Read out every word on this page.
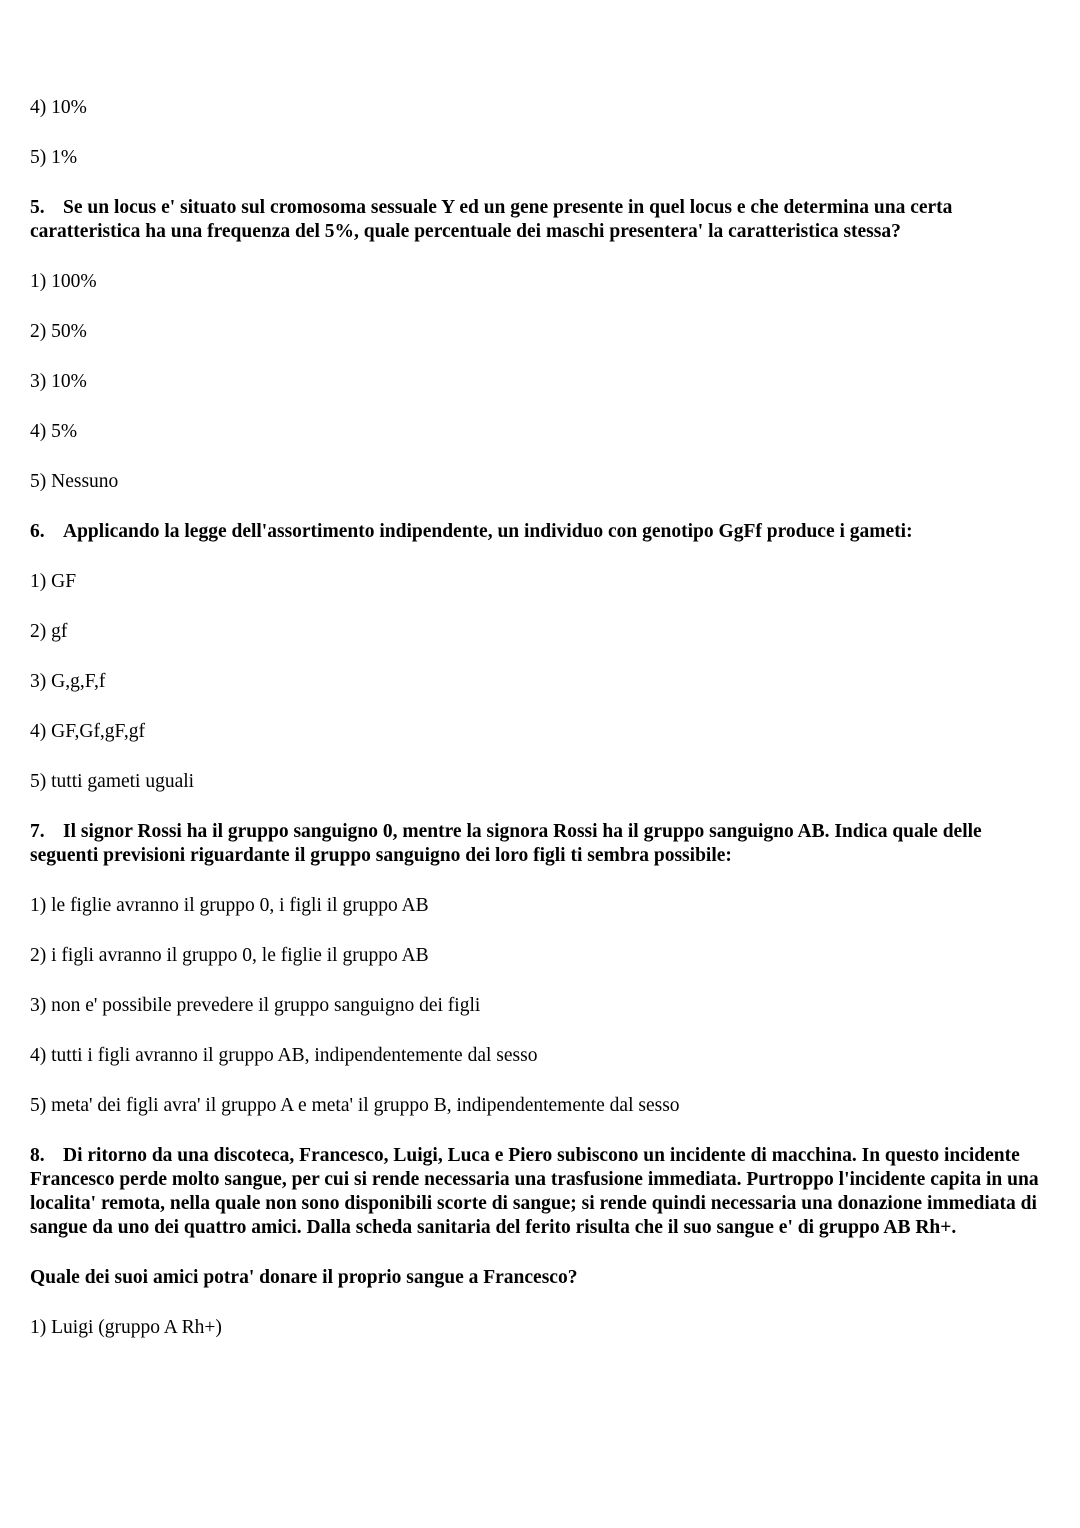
4) 10%
5) 1%
5. Se un locus e' situato sul cromosoma sessuale Y ed un gene presente in quel locus e che determina una certa caratteristica ha una frequenza del 5%, quale percentuale dei maschi presentera' la caratteristica stessa?
1) 100%
2) 50%
3) 10%
4) 5%
5) Nessuno
6. Applicando la legge dell'assortimento indipendente, un individuo con genotipo GgFf produce i gameti:
1) GF
2) gf
3) G,g,F,f
4) GF,Gf,gF,gf
5) tutti gameti uguali
7. Il signor Rossi ha il gruppo sanguigno 0, mentre la signora Rossi ha il gruppo sanguigno AB. Indica quale delle seguenti previsioni riguardante il gruppo sanguigno dei loro figli ti sembra possibile:
1) le figlie avranno il gruppo 0, i figli il gruppo AB
2) i figli avranno il gruppo 0, le figlie il gruppo AB
3) non e' possibile prevedere il gruppo sanguigno dei figli
4) tutti i figli avranno il gruppo AB, indipendentemente dal sesso
5) meta' dei figli avra' il gruppo A e meta' il gruppo B, indipendentemente dal sesso
8. Di ritorno da una discoteca, Francesco, Luigi, Luca e Piero subiscono un incidente di macchina. In questo incidente Francesco perde molto sangue, per cui si rende necessaria una trasfusione immediata. Purtroppo l'incidente capita in una localita' remota, nella quale non sono disponibili scorte di sangue; si rende quindi necessaria una donazione immediata di sangue da uno dei quattro amici. Dalla scheda sanitaria del ferito risulta che il suo sangue e' di gruppo AB Rh+.
Quale dei suoi amici potra' donare il proprio sangue a Francesco?
1) Luigi (gruppo A Rh+)
